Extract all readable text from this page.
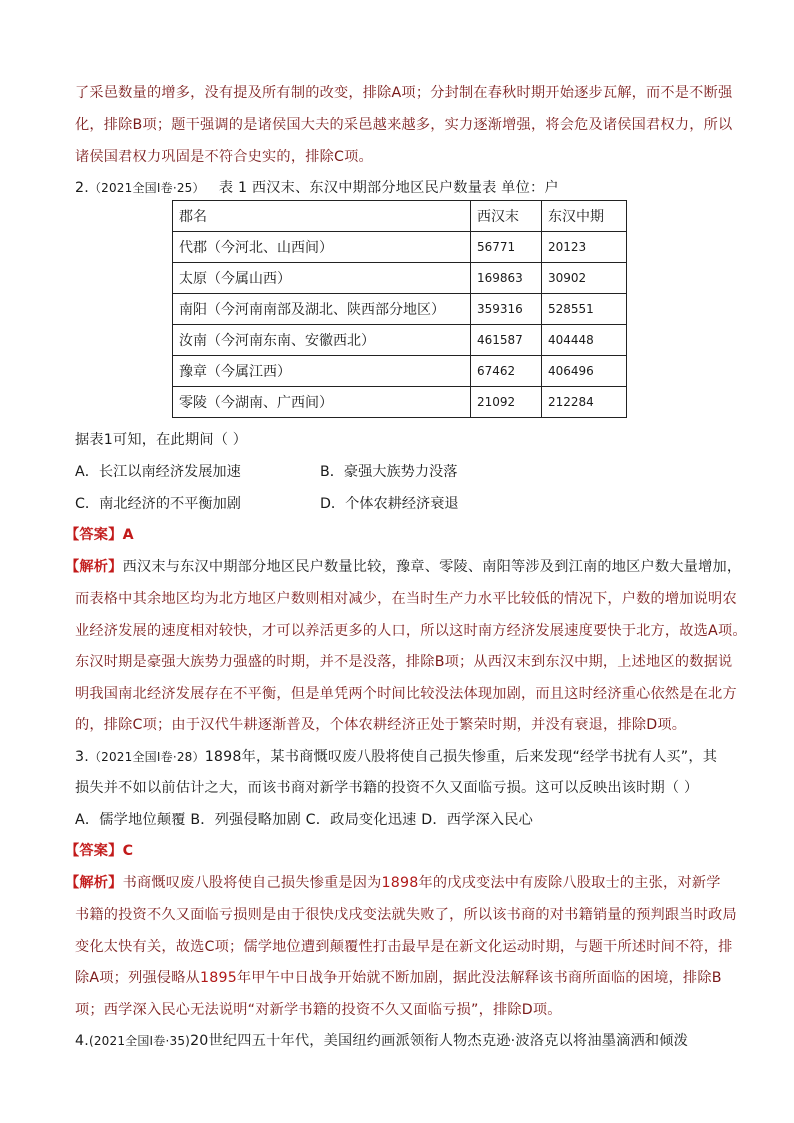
了采邑数量的增多，没有提及所有制的改变，排除A项；分封制在春秋时期开始逐步瓦解，而不是不断强
化，排除B项；题干强调的是诸侯国大夫的采邑越来越多，实力逐渐增强，将会危及诸侯国君权力，所以
诸侯国君权力巩固是不符合史实的，排除C项。
2.（2021全国Ⅰ卷·25） 表 1 西汉末、东汉中期部分地区民户数量表 单位：户
郡名	西汉末	东汉中期
代郡（今河北、山西间）	56771	20123
太原（今属山西）	169863	30902
南阳（今河南南部及湖北、陕西部分地区）	359316	528551
汝南（今河南东南、安徽西北）	461587	404448
豫章（今属江西）	67462	406496
零陵（今湖南、广西间）	21092	212284
据表1可知，在此期间（ ）
A．长江以南经济发展加速	B．豪强大族势力没落
C．南北经济的不平衡加剧	D．个体农耕经济衰退
【答案】A
【解析】西汉末与东汉中期部分地区民户数量比较，豫章、零陵、南阳等涉及到江南的地区户数大量增加，
而表格中其余地区均为北方地区户数则相对减少，在当时生产力水平比较低的情况下，户数的增加说明农
业经济发展的速度相对较快，才可以养活更多的人口，所以这时南方经济发展速度要快于北方，故选A项。
东汉时期是豪强大族势力强盛的时期，并不是没落，排除B项；从西汉末到东汉中期，上述地区的数据说
明我国南北经济发展存在不平衡，但是单凭两个时间比较没法体现加剧，而且这时经济重心依然是在北方
的，排除C项；由于汉代牛耕逐渐普及，个体农耕经济正处于繁荣时期，并没有衰退，排除D项。
3.（2021全国Ⅰ卷·28）1898年，某书商慨叹废八股将使自己损失惨重，后来发现“经学书扰有人买”，其
损失并不如以前估计之大，而该书商对新学书籍的投资不久又面临亏损。这可以反映出该时期（ ）
A．儒学地位颠覆 B．列强侵略加剧 C．政局变化迅速 D．西学深入民心
【答案】C
【解析】书商慨叹废八股将使自己损失惨重是因为1898年的戊戌变法中有废除八股取士的主张，对新学
书籍的投资不久又面临亏损则是由于很快戊戌变法就失败了，所以该书商的对书籍销量的预判跟当时政局
变化太快有关，故选C项；儒学地位遭到颠覆性打击最早是在新文化运动时期，与题干所述时间不符，排
除A项；列强侵略从1895年甲午中日战争开始就不断加剧，据此没法解释该书商所面临的困境，排除B
项；西学深入民心无法说明“对新学书籍的投资不久又面临亏损”，排除D项。
4.(2021全国Ⅰ卷·35)20世纪四五十年代，美国纽约画派领衔人物杰克逊·波洛克以将油墨滴洒和倾泼
